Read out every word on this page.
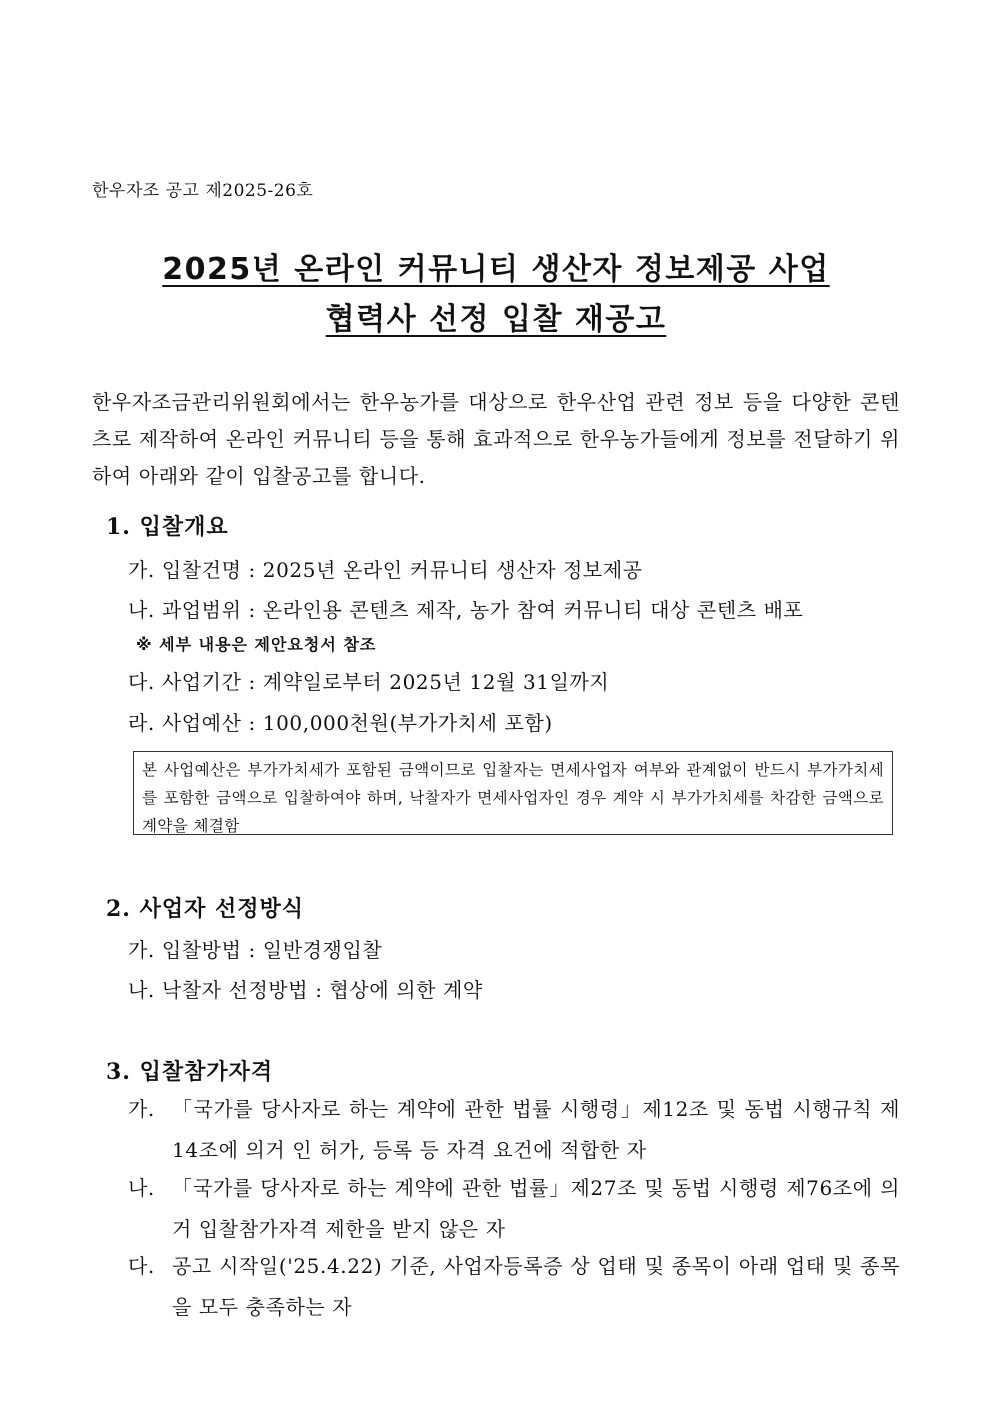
한우자조 공고 제2025-26호
2025년 온라인 커뮤니티 생산자 정보제공 사업
협력사 선정 입찰 재공고
한우자조금관리위원회에서는 한우농가를 대상으로 한우산업 관련 정보 등을 다양한 콘텐츠로 제작하여 온라인 커뮤니티 등을 통해 효과적으로 한우농가들에게 정보를 전달하기 위하여 아래와 같이 입찰공고를 합니다.
1. 입찰개요
가. 입찰건명 : 2025년 온라인 커뮤니티 생산자 정보제공
나. 과업범위 : 온라인용 콘텐츠 제작, 농가 참여 커뮤니티 대상 콘텐츠 배포
※ 세부 내용은 제안요청서 참조
다. 사업기간 : 계약일로부터 2025년 12월 31일까지
라. 사업예산 : 100,000천원(부가가치세 포함)
본 사업예산은 부가가치세가 포함된 금액이므로 입찰자는 면세사업자 여부와 관계없이 반드시 부가가치세를 포함한 금액으로 입찰하여야 하며, 낙찰자가 면세사업자인 경우 계약 시 부가가치세를 차감한 금액으로 계약을 체결함
2. 사업자 선정방식
가. 입찰방법 : 일반경쟁입찰
나. 낙찰자 선정방법 : 협상에 의한 계약
3. 입찰참가자격
가. 「국가를 당사자로 하는 계약에 관한 법률 시행령」제12조 및 동법 시행규칙 제14조에 의거 인 허가, 등록 등 자격 요건에 적합한 자
나. 「국가를 당사자로 하는 계약에 관한 법률」제27조 및 동법 시행령 제76조에 의거 입찰참가자격 제한을 받지 않은 자
다. 공고 시작일('25.4.22) 기준, 사업자등록증 상 업태 및 종목이 아래 업태 및 종목을 모두 충족하는 자
